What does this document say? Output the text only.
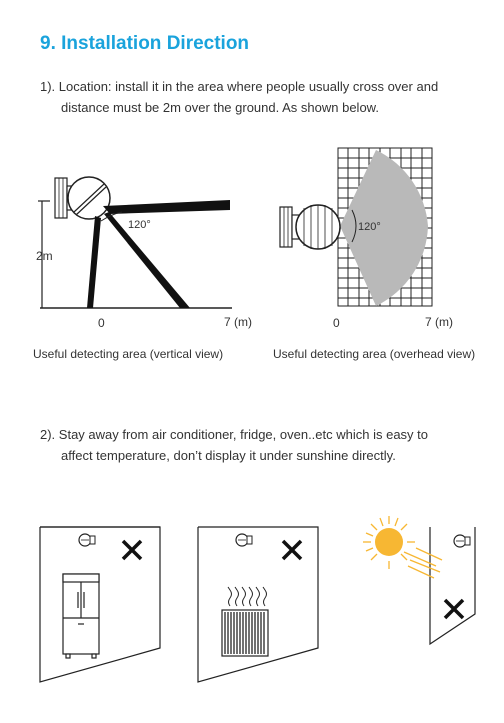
9. Installation Direction
1). Location: install it in the area where people usually cross over and
distance must be 2m over the ground. As shown below.
120°
2m
0	7 (m)
Useful detecting area (vertical view)
120°
0	7 (m)
Useful detecting area (overhead view)
2). Stay away from air conditioner, fridge, oven..etc which is easy to
affect temperature, don’t display it under sunshine directly.
